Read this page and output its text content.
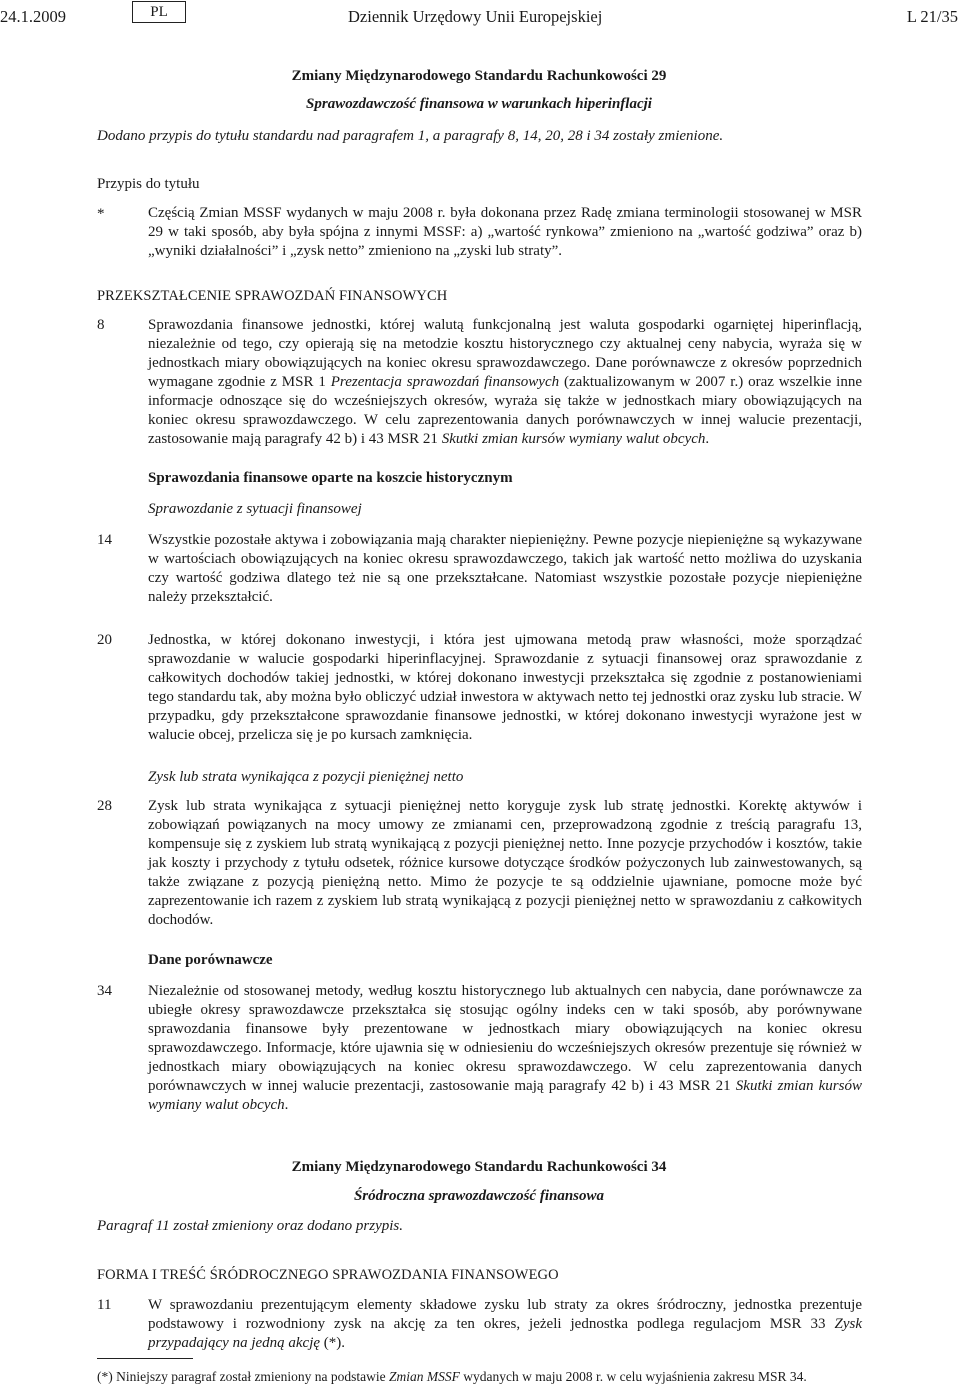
24.1.2009	PL	Dziennik Urzędowy Unii Europejskiej	L 21/35
Zmiany Międzynarodowego Standardu Rachunkowości 29
Sprawozdawczość finansowa w warunkach hiperinflacji
Dodano przypis do tytułu standardu nad paragrafem 1, a paragrafy 8, 14, 20, 28 i 34 zostały zmienione.
Przypis do tytułu
*	Częścią Zmian MSSF wydanych w maju 2008 r. była dokonana przez Radę zmiana terminologii stosowanej w MSR 29 w taki sposób, aby była spójna z innymi MSSF: a) „wartość rynkowa” zmieniono na „wartość godziwa” oraz b) „wyniki działalności” i „zysk netto” zmieniono na „zyski lub straty”.
PRZEKSZTAŁCENIE SPRAWOZDAŃ FINANSOWYCH
8	Sprawozdania finansowe jednostki, której walutą funkcjonalną jest waluta gospodarki ogarniętej hiperinflacją, niezależnie od tego, czy opierają się na metodzie kosztu historycznego czy aktualnej ceny nabycia, wyraża się w jednostkach miary obowiązujących na koniec okresu sprawozdawczego. Dane porównawcze z okresów poprzednich wymagane zgodnie z MSR 1 Prezentacja sprawozdań finansowych (zaktualizowanym w 2007 r.) oraz wszelkie inne informacje odnoszące się do wcześniejszych okresów, wyraża się także w jednostkach miary obowiązujących na koniec okresu sprawozdawczego. W celu zaprezentowania danych porównawczych w innej walucie prezentacji, zastosowanie mają paragrafy 42 b) i 43 MSR 21 Skutki zmian kursów wymiany walut obcych.
Sprawozdania finansowe oparte na koszcie historycznym
Sprawozdanie z sytuacji finansowej
14	Wszystkie pozostałe aktywa i zobowiązania mają charakter niepieniężny. Pewne pozycje niepieniężne są wykazywane w wartościach obowiązujących na koniec okresu sprawozdawczego, takich jak wartość netto możliwa do uzyskania czy wartość godziwa dlatego też nie są one przekształcane. Natomiast wszystkie pozostałe pozycje niepieniężne należy przekształcić.
20	Jednostka, w której dokonano inwestycji, i która jest ujmowana metodą praw własności, może sporządzać sprawozdanie w walucie gospodarki hiperinflacyjnej. Sprawozdanie z sytuacji finansowej oraz sprawozdanie z całkowitych dochodów takiej jednostki, w której dokonano inwestycji przekształca się zgodnie z postanowieniami tego standardu tak, aby można było obliczyć udział inwestora w aktywach netto tej jednostki oraz zysku lub stracie. W przypadku, gdy przekształcone sprawozdanie finansowe jednostki, w której dokonano inwestycji wyrażone jest w walucie obcej, przelicza się je po kursach zamknięcia.
Zysk lub strata wynikająca z pozycji pieniężnej netto
28	Zysk lub strata wynikająca z sytuacji pieniężnej netto koryguje zysk lub stratę jednostki. Korektę aktywów i zobowiązań powiązanych na mocy umowy ze zmianami cen, przeprowadzoną zgodnie z treścią paragrafu 13, kompensuje się z zyskiem lub stratą wynikającą z pozycji pieniężnej netto. Inne pozycje przychodów i kosztów, takie jak koszty i przychody z tytułu odsetek, różnice kursowe dotyczące środków pożyczonych lub zainwestowanych, są także związane z pozycją pieniężną netto. Mimo że pozycje te są oddzielnie ujawniane, pomocne może być zaprezentowanie ich razem z zyskiem lub stratą wynikającą z pozycji pieniężnej netto w sprawozdaniu z całkowitych dochodów.
Dane porównawcze
34	Niezależnie od stosowanej metody, według kosztu historycznego lub aktualnych cen nabycia, dane porównawcze za ubiegłe okresy sprawozdawcze przekształca się stosując ogólny indeks cen w taki sposób, aby porównywane sprawozdania finansowe były prezentowane w jednostkach miary obowiązujących na koniec okresu sprawozdawczego. Informacje, które ujawnia się w odniesieniu do wcześniejszych okresów prezentuje się również w jednostkach miary obowiązujących na koniec okresu sprawozdawczego. W celu zaprezentowania danych porównawczych w innej walucie prezentacji, zastosowanie mają paragrafy 42 b) i 43 MSR 21 Skutki zmian kursów wymiany walut obcych.
Zmiany Międzynarodowego Standardu Rachunkowości 34
Śródroczna sprawozdawczość finansowa
Paragraf 11 został zmieniony oraz dodano przypis.
FORMA I TREŚĆ ŚRÓDROCZNEGO SPRAWOZDANIA FINANSOWEGO
11	W sprawozdaniu prezentującym elementy składowe zysku lub straty za okres śródroczny, jednostka prezentuje podstawowy i rozwodniony zysk na akcję za ten okres, jeżeli jednostka podlega regulacjom MSR 33 Zysk przypadający na jedną akcję (*).
(*) Niniejszy paragraf został zmieniony na podstawie Zmian MSSF wydanych w maju 2008 r. w celu wyjaśnienia zakresu MSR 34.
